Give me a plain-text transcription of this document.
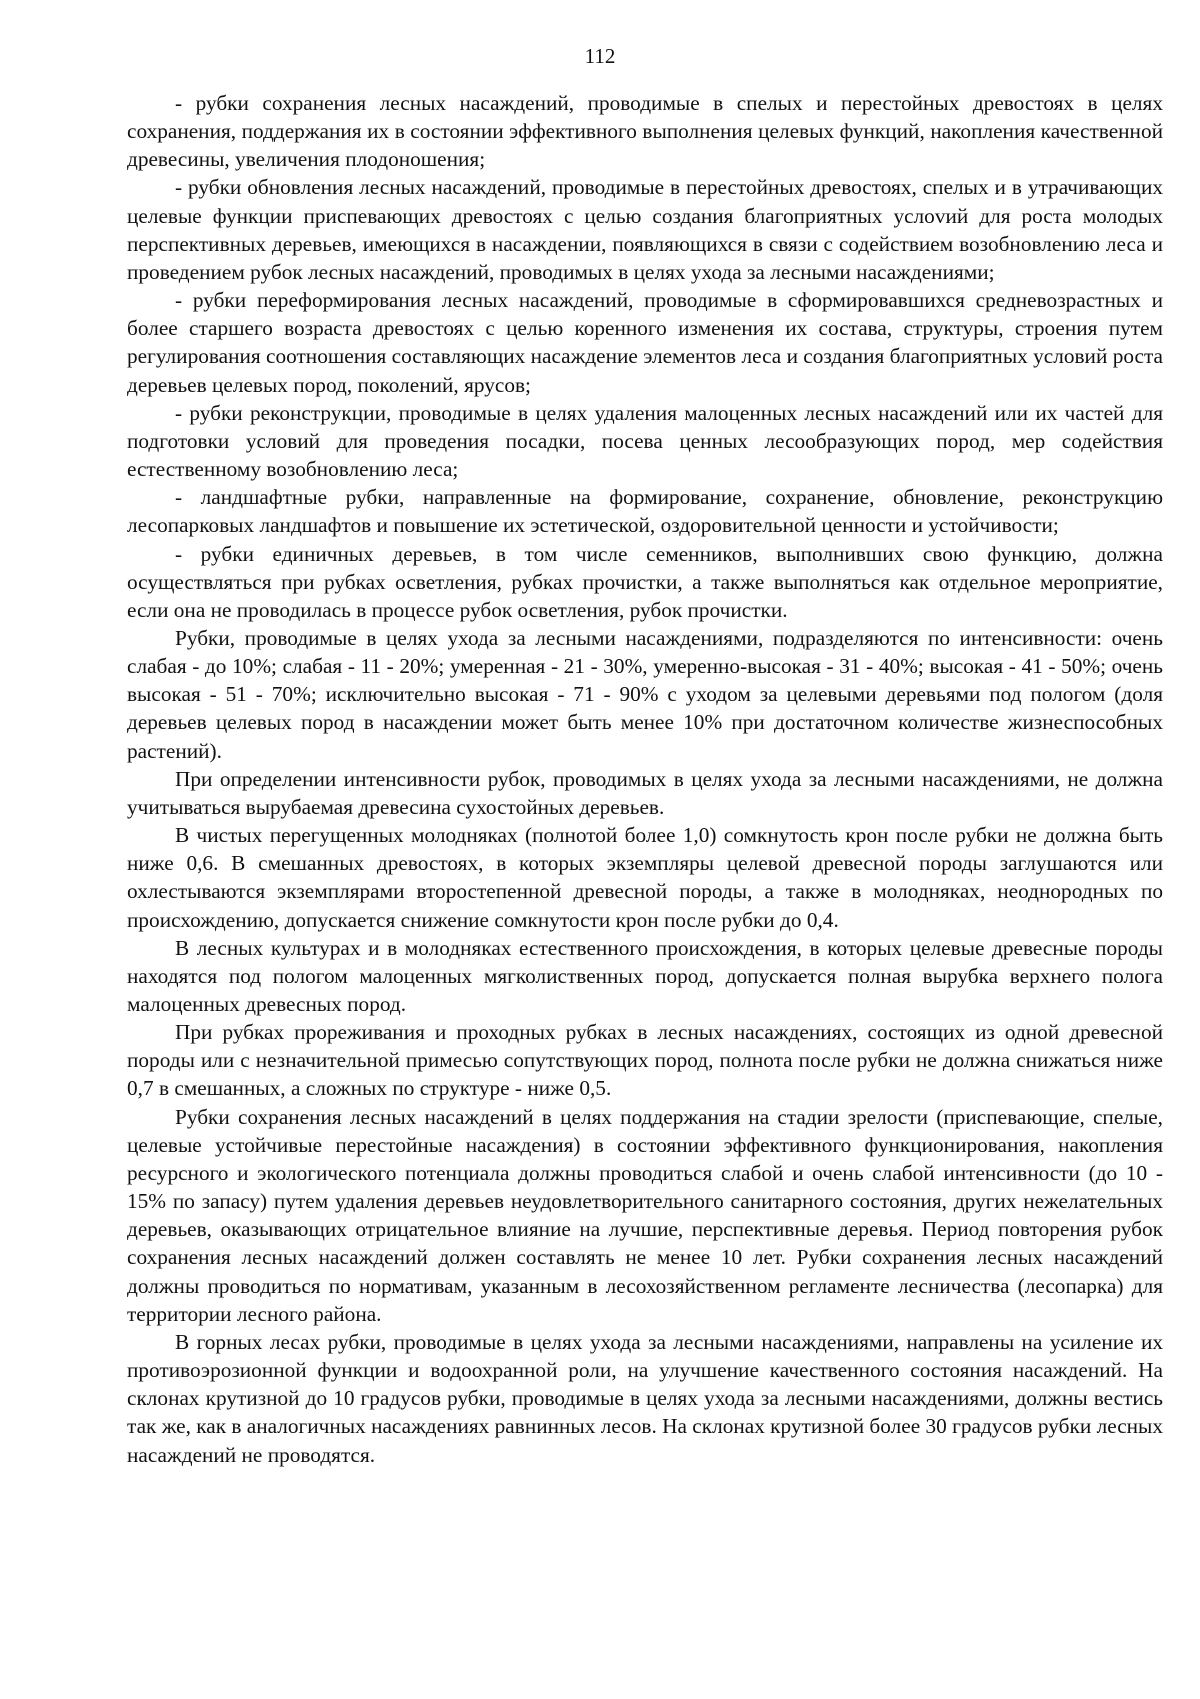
112

- рубки сохранения лесных насаждений, проводимые в спелых и перестойных древостоях в целях сохранения, поддержания их в состоянии эффективного выполнения целевых функций, накопления качественной древесины, увеличения плодоношения;

- рубки обновления лесных насаждений, проводимые в перестойных древостоях, спелых и в утрачивающих целевые функции приспевающих древостоях с целью создания благоприятных услоvий для роста молодых перспективных деревьев, имеющихся в насаждении, появляющихся в связи с содействием возобновлению леса и проведением рубок лесных насаждений, проводимых в целях ухода за лесными насаждениями;

- рубки переформирования лесных насаждений, проводимые в сформировавшихся средневозрастных и более старшего возраста древостоях с целью коренного изменения их состава, структуры, строения путем регулирования соотношения составляющих насаждение элементов леса и создания благоприятных условий роста деревьев целевых пород, поколений, ярусов;

- рубки реконструкции, проводимые в целях удаления малоценных лесных насаждений или их частей для подготовки условий для проведения посадки, посева ценных лесообразующих пород, мер содействия естественному возобновлению леса;

- ландшафтные рубки, направленные на формирование, сохранение, обновление, реконструкцию лесопарковых ландшафтов и повышение их эстетической, оздоровительной ценности и устойчивости;

- рубки единичных деревьев, в том числе семенников, выполнивших свою функцию, должна осуществляться при рубках осветления, рубках прочистки, а также выполняться как отдельное мероприятие, если она не проводилась в процессе рубок осветления, рубок прочистки.

Рубки, проводимые в целях ухода за лесными насаждениями, подразделяются по интенсивности: очень слабая - до 10%; слабая - 11 - 20%; умеренная - 21 - 30%, умеренно-высокая - 31 - 40%; высокая - 41 - 50%; очень высокая - 51 - 70%; исключительно высокая - 71 - 90% с уходом за целевыми деревьями под пологом (доля деревьев целевых пород в насаждении может быть менее 10% при достаточном количестве жизнеспособных растений).

При определении интенсивности рубок, проводимых в целях ухода за лесными насаждениями, не должна учитываться вырубаемая древесина сухостойных деревьев.

В чистых перегущенных молодняках (полнотой более 1,0) сомкнутость крон после рубки не должна быть ниже 0,6. В смешанных древостоях, в которых экземпляры целевой древесной породы заглушаются или охлестываются экземплярами второстепенной древесной породы, а также в молодняках, неоднородных по происхождению, допускается снижение сомкнутости крон после рубки до 0,4.

В лесных культурах и в молодняках естественного происхождения, в которых целевые древесные породы находятся под пологом малоценных мягколиственных пород, допускается полная вырубка верхнего полога малоценных древесных пород.

При рубках прореживания и проходных рубках в лесных насаждениях, состоящих из одной древесной породы или с незначительной примесью сопутствующих пород, полнота после рубки не должна снижаться ниже 0,7 в смешанных, а сложных по структуре - ниже 0,5.

Рубки сохранения лесных насаждений в целях поддержания на стадии зрелости (приспевающие, спелые, целевые устойчивые перестойные насаждения) в состоянии эффективного функционирования, накопления ресурсного и экологического потенциала должны проводиться слабой и очень слабой интенсивности (до 10 - 15% по запасу) путем удаления деревьев неудовлетворительного санитарного состояния, других нежелательных деревьев, оказывающих отрицательное влияние на лучшие, перспективные деревья. Период повторения рубок сохранения лесных насаждений должен составлять не менее 10 лет. Рубки сохранения лесных насаждений должны проводиться по нормативам, указанным в лесохозяйственном регламенте лесничества (лесопарка) для территории лесного района.

В горных лесах рубки, проводимые в целях ухода за лесными насаждениями, направлены на усиление их противоэрозионной функции и водоохранной роли, на улучшение качественного состояния насаждений. На склонах крутизной до 10 градусов рубки, проводимые в целях ухода за лесными насаждениями, должны вестись так же, как в аналогичных насаждениях равнинных лесов. На склонах крутизной более 30 градусов рубки лесных насаждений не проводятся.
